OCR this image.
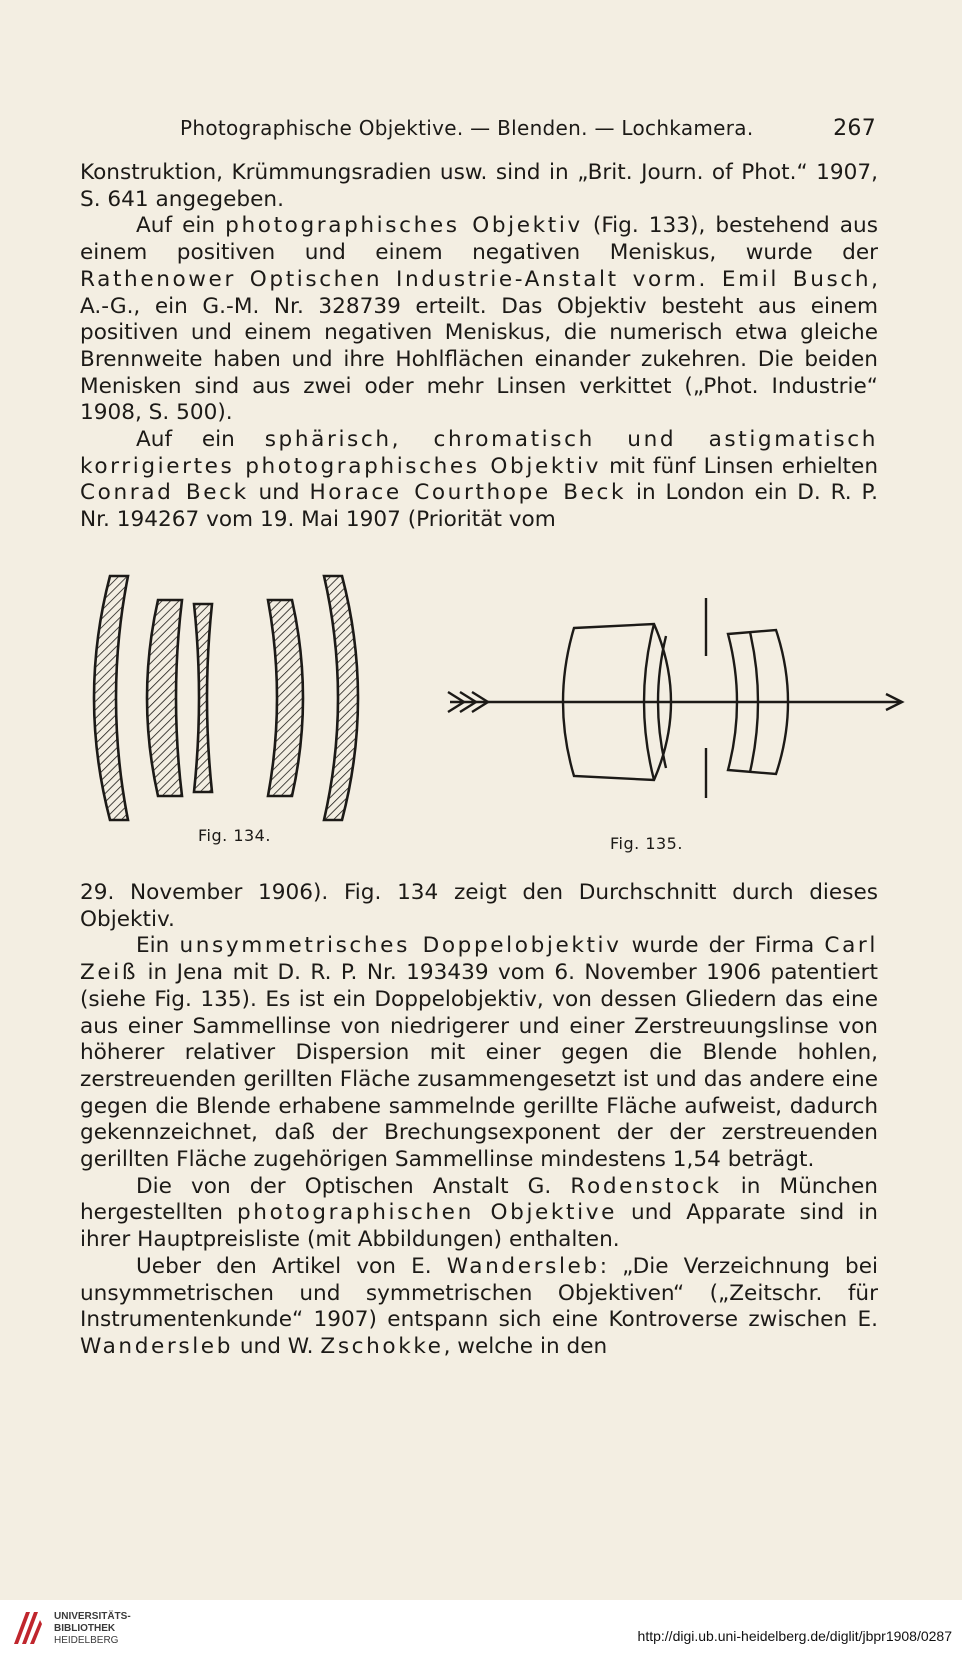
Photographische Objektive. — Blenden. — Lochkamera.	267

Konstruktion, Krümmungsradien usw. sind in „Brit. Journ. of Phot.“ 1907, S. 641 angegeben.

Auf ein photographisches Objektiv (Fig. 133), bestehend aus einem positiven und einem negativen Meniskus, wurde der Rathenower Optischen Industrie-Anstalt vorm. Emil Busch, A.-G., ein G.-M. Nr. 328739 erteilt. Das Objektiv besteht aus einem positiven und einem negativen Meniskus, die numerisch etwa gleiche Brennweite haben und ihre Hohlflächen einander zukehren. Die beiden Menisken sind aus zwei oder mehr Linsen verkittet („Phot. Industrie“ 1908, S. 500).

Auf ein sphärisch, chromatisch und astigmatisch korrigiertes photographisches Objektiv mit fünf Linsen erhielten Conrad Beck und Horace Courthope Beck in London ein D. R. P. Nr. 194267 vom 19. Mai 1907 (Priorität vom

Fig. 134.	Fig. 135.

29. November 1906). Fig. 134 zeigt den Durchschnitt durch dieses Objektiv.

Ein unsymmetrisches Doppelobjektiv wurde der Firma Carl Zeiß in Jena mit D. R. P. Nr. 193439 vom 6. November 1906 patentiert (siehe Fig. 135). Es ist ein Doppelobjektiv, von dessen Gliedern das eine aus einer Sammellinse von niedrigerer und einer Zerstreuungslinse von höherer relativer Dispersion mit einer gegen die Blende hohlen, zerstreuenden gerillten Fläche zusammengesetzt ist und das andere eine gegen die Blende erhabene sammelnde gerillte Fläche aufweist, dadurch gekennzeichnet, daß der Brechungsexponent der der zerstreuenden gerillten Fläche zugehörigen Sammellinse mindestens 1,54 beträgt.

Die von der Optischen Anstalt G. Rodenstock in München hergestellten photographischen Objektive und Apparate sind in ihrer Hauptpreisliste (mit Abbildungen) enthalten.

Ueber den Artikel von E. Wandersleb: „Die Verzeichnung bei unsymmetrischen und symmetrischen Objektiven“ („Zeitschr. für Instrumentenkunde“ 1907) entspann sich eine Kontroverse zwischen E. Wandersleb und W. Zschokke, welche in den

UNIVERSITÄTS-
BIBLIOTHEK
HEIDELBERG	http://digi.ub.uni-heidelberg.de/diglit/jbpr1908/0287
